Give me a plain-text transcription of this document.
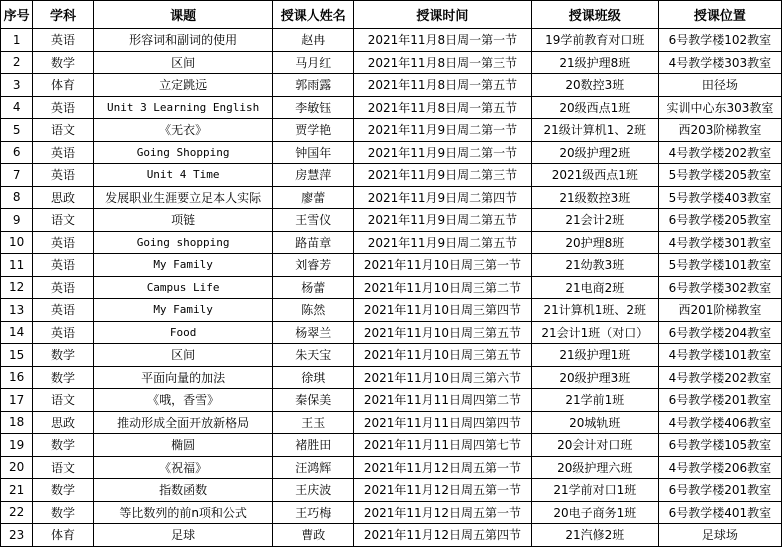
序号	学科	课题	授课人姓名	授课时间	授课班级	授课位置
1	英语	形容词和副词的使用	赵冉	2021年11月8日周一第一节	19学前教育对口班	6号教学楼102教室
2	数学	区间	马月红	2021年11月8日周一第三节	21级护理8班	4号教学楼303教室
3	体育	立定跳远	郭雨露	2021年11月8日周一第五节	20数控3班	田径场
4	英语	Unit 3 Learning English	李敏钰	2021年11月8日周一第五节	20级西点1班	实训中心东303教室
5	语文	《无衣》	贾学艳	2021年11月9日周二第一节	21级计算机1、2班	西203阶梯教室
6	英语	Going Shopping	钟国年	2021年11月9日周二第一节	20级护理2班	4号教学楼202教室
7	英语	Unit 4 Time	房慧萍	2021年11月9日周二第三节	2021级西点1班	5号教学楼205教室
8	思政	发展职业生涯要立足本人实际	廖蕾	2021年11月9日周二第四节	21级数控3班	5号教学楼403教室
9	语文	项链	王雪仪	2021年11月9日周二第五节	21会计2班	6号教学楼205教室
10	英语	Going shopping	路苗章	2021年11月9日周二第五节	20护理8班	4号教学楼301教室
11	英语	My Family	刘睿芳	2021年11月10日周三第一节	21幼教3班	5号教学楼101教室
12	英语	Campus Life	杨蕾	2021年11月10日周三第二节	21电商2班	6号教学楼302教室
13	英语	My Family	陈然	2021年11月10日周三第四节	21计算机1班、2班	西201阶梯教室
14	英语	Food	杨翠兰	2021年11月10日周三第五节	21会计1班（对口）	6号教学楼204教室
15	数学	区间	朱天宝	2021年11月10日周三第五节	21级护理1班	4号教学楼101教室
16	数学	平面向量的加法	徐琪	2021年11月10日周三第六节	20级护理3班	4号教学楼202教室
17	语文	《哦，香雪》	秦保美	2021年11月11日周四第二节	21学前1班	6号教学楼201教室
18	思政	推动形成全面开放新格局	王玉	2021年11月11日周四第四节	20城轨班	4号教学楼406教室
19	数学	椭圆	褚胜田	2021年11月11日周四第七节	20会计对口班	6号教学楼105教室
20	语文	《祝福》	汪鸿辉	2021年11月12日周五第一节	20级护理六班	4号教学楼206教室
21	数学	指数函数	王庆波	2021年11月12日周五第一节	21学前对口1班	6号教学楼201教室
22	数学	等比数列的前n项和公式	王巧梅	2021年11月12日周五第一节	20电子商务1班	6号教学楼401教室
23	体育	足球	曹政	2021年11月12日周五第四节	21汽修2班	足球场
